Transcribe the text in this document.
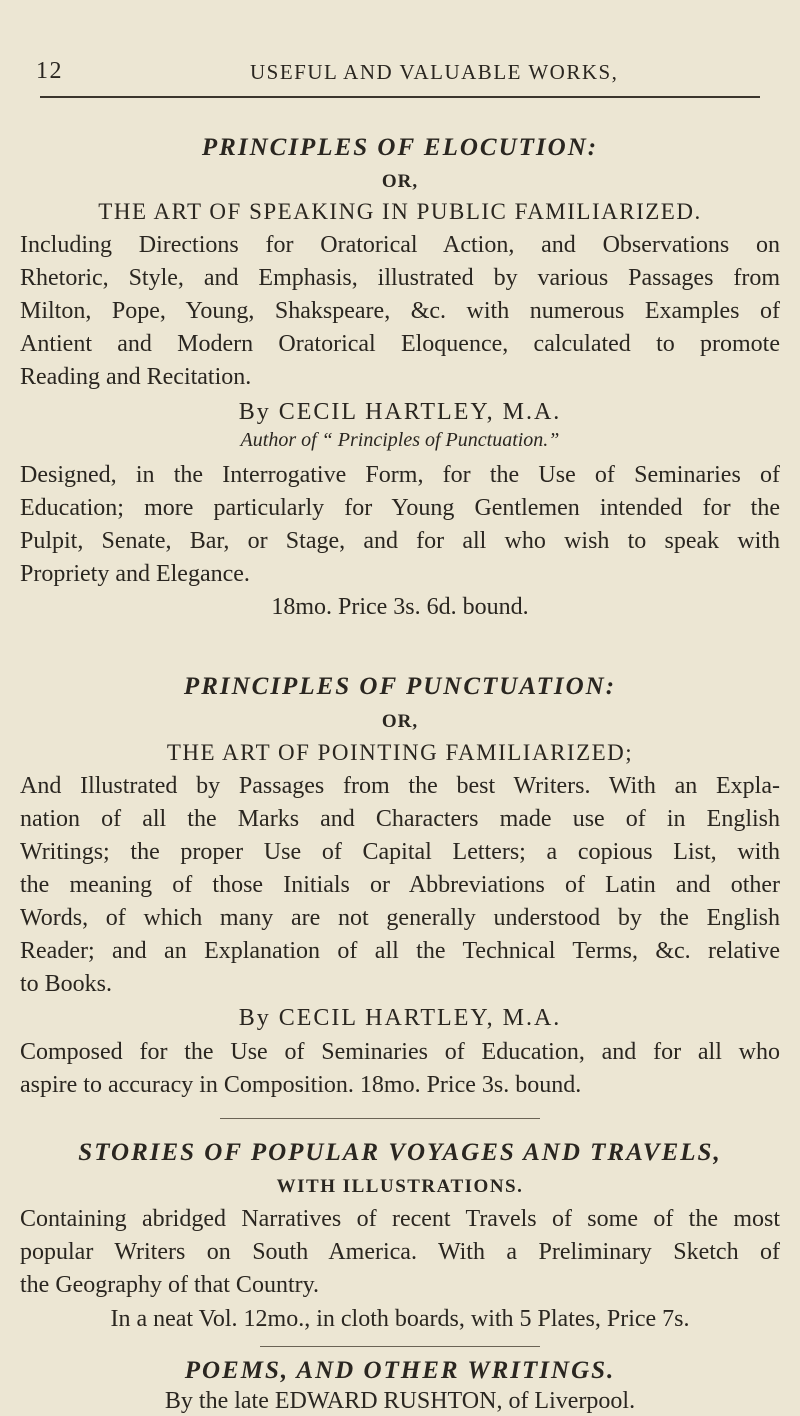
12	USEFUL AND VALUABLE WORKS,
PRINCIPLES OF ELOCUTION:
OR,
THE ART OF SPEAKING IN PUBLIC FAMILIARIZED.
Including Directions for Oratorical Action, and Observations on
Rhetoric, Style, and Emphasis, illustrated by various Passages from
Milton, Pope, Young, Shakspeare, &c. with numerous Examples of
Antient and Modern Oratorical Eloquence, calculated to promote
Reading and Recitation.
By CECIL HARTLEY, M.A.
Author of “ Principles of Punctuation.”
Designed, in the Interrogative Form, for the Use of Seminaries of
Education; more particularly for Young Gentlemen intended for the
Pulpit, Senate, Bar, or Stage, and for all who wish to speak with
Propriety and Elegance.
18mo. Price 3s. 6d. bound.
PRINCIPLES OF PUNCTUATION:
OR,
THE ART OF POINTING FAMILIARIZED;
And Illustrated by Passages from the best Writers. With an Expla-
nation of all the Marks and Characters made use of in English
Writings; the proper Use of Capital Letters; a copious List, with
the meaning of those Initials or Abbreviations of Latin and other
Words, of which many are not generally understood by the English
Reader; and an Explanation of all the Technical Terms, &c. relative
to Books.
By CECIL HARTLEY, M.A.
Composed for the Use of Seminaries of Education, and for all who
aspire to accuracy in Composition. 18mo. Price 3s. bound.
STORIES OF POPULAR VOYAGES AND TRAVELS,
WITH ILLUSTRATIONS.
Containing abridged Narratives of recent Travels of some of the most
popular Writers on South America. With a Preliminary Sketch of
the Geography of that Country.
In a neat Vol. 12mo., in cloth boards, with 5 Plates, Price 7s.
POEMS, AND OTHER WRITINGS.
By the late EDWARD RUSHTON, of Liverpool.
